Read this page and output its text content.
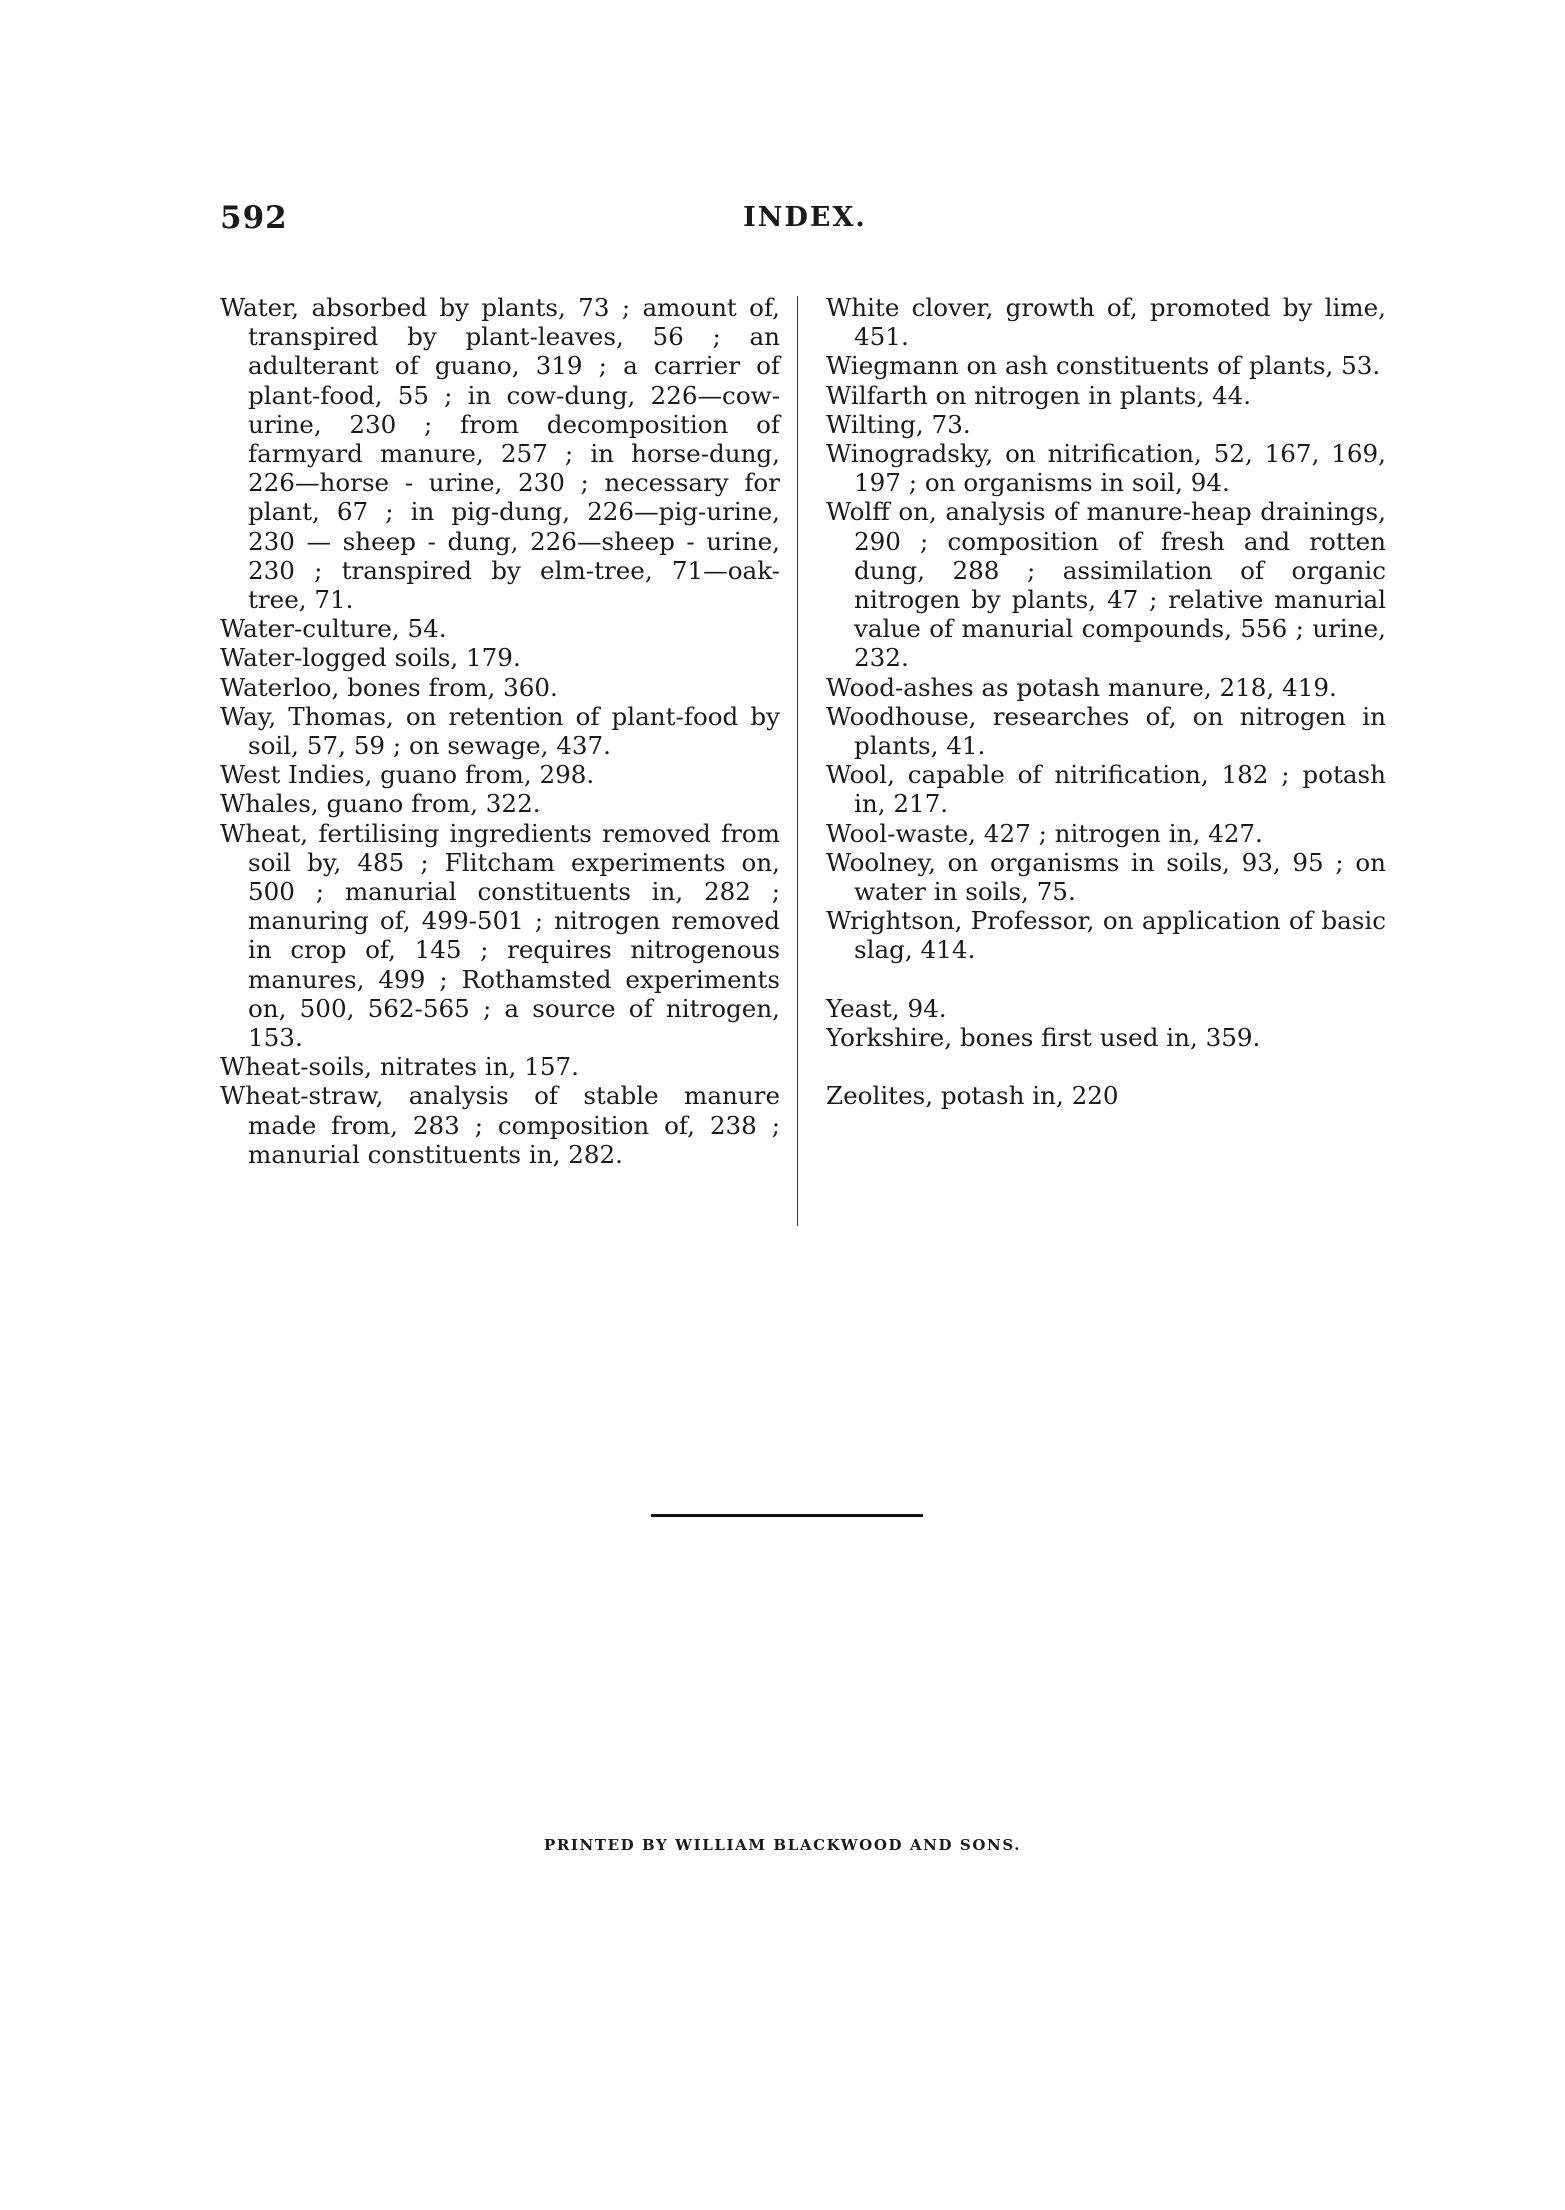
592	INDEX.

Water, absorbed by plants, 73 ; amount of, transpired by plant-leaves, 56 ; an adulterant of guano, 319 ; a carrier of plant-food, 55 ; in cow-dung, 226—cow-urine, 230 ; from decomposition of farmyard manure, 257 ; in horse-dung, 226—horse - urine, 230 ; necessary for plant, 67 ; in pig-dung, 226—pig-urine, 230 — sheep - dung, 226—sheep - urine, 230 ; transpired by elm-tree, 71—oak-tree, 71.

Water-culture, 54.

Water-logged soils, 179.

Waterloo, bones from, 360.

Way, Thomas, on retention of plant-food by soil, 57, 59 ; on sewage, 437.

West Indies, guano from, 298.

Whales, guano from, 322.

Wheat, fertilising ingredients removed from soil by, 485 ; Flitcham experiments on, 500 ; manurial constituents in, 282 ; manuring of, 499-501 ; nitrogen removed in crop of, 145 ; requires nitrogenous manures, 499 ; Rothamsted experiments on, 500, 562-565 ; a source of nitrogen, 153.

Wheat-soils, nitrates in, 157.

Wheat-straw, analysis of stable manure made from, 283 ; composition of, 238 ; manurial constituents in, 282.

White clover, growth of, promoted by lime, 451.

Wiegmann on ash constituents of plants, 53.

Wilfarth on nitrogen in plants, 44.

Wilting, 73.

Winogradsky, on nitrification, 52, 167, 169, 197 ; on organisms in soil, 94.

Wolff on, analysis of manure-heap drainings, 290 ; composition of fresh and rotten dung, 288 ; assimilation of organic nitrogen by plants, 47 ; relative manurial value of manurial compounds, 556 ; urine, 232.

Wood-ashes as potash manure, 218, 419.

Woodhouse, researches of, on nitrogen in plants, 41.

Wool, capable of nitrification, 182 ; potash in, 217.

Wool-waste, 427 ; nitrogen in, 427.

Woolney, on organisms in soils, 93, 95 ; on water in soils, 75.

Wrightson, Professor, on application of basic slag, 414.

Yeast, 94.

Yorkshire, bones first used in, 359.

Zeolites, potash in, 220

PRINTED BY WILLIAM BLACKWOOD AND SONS.
